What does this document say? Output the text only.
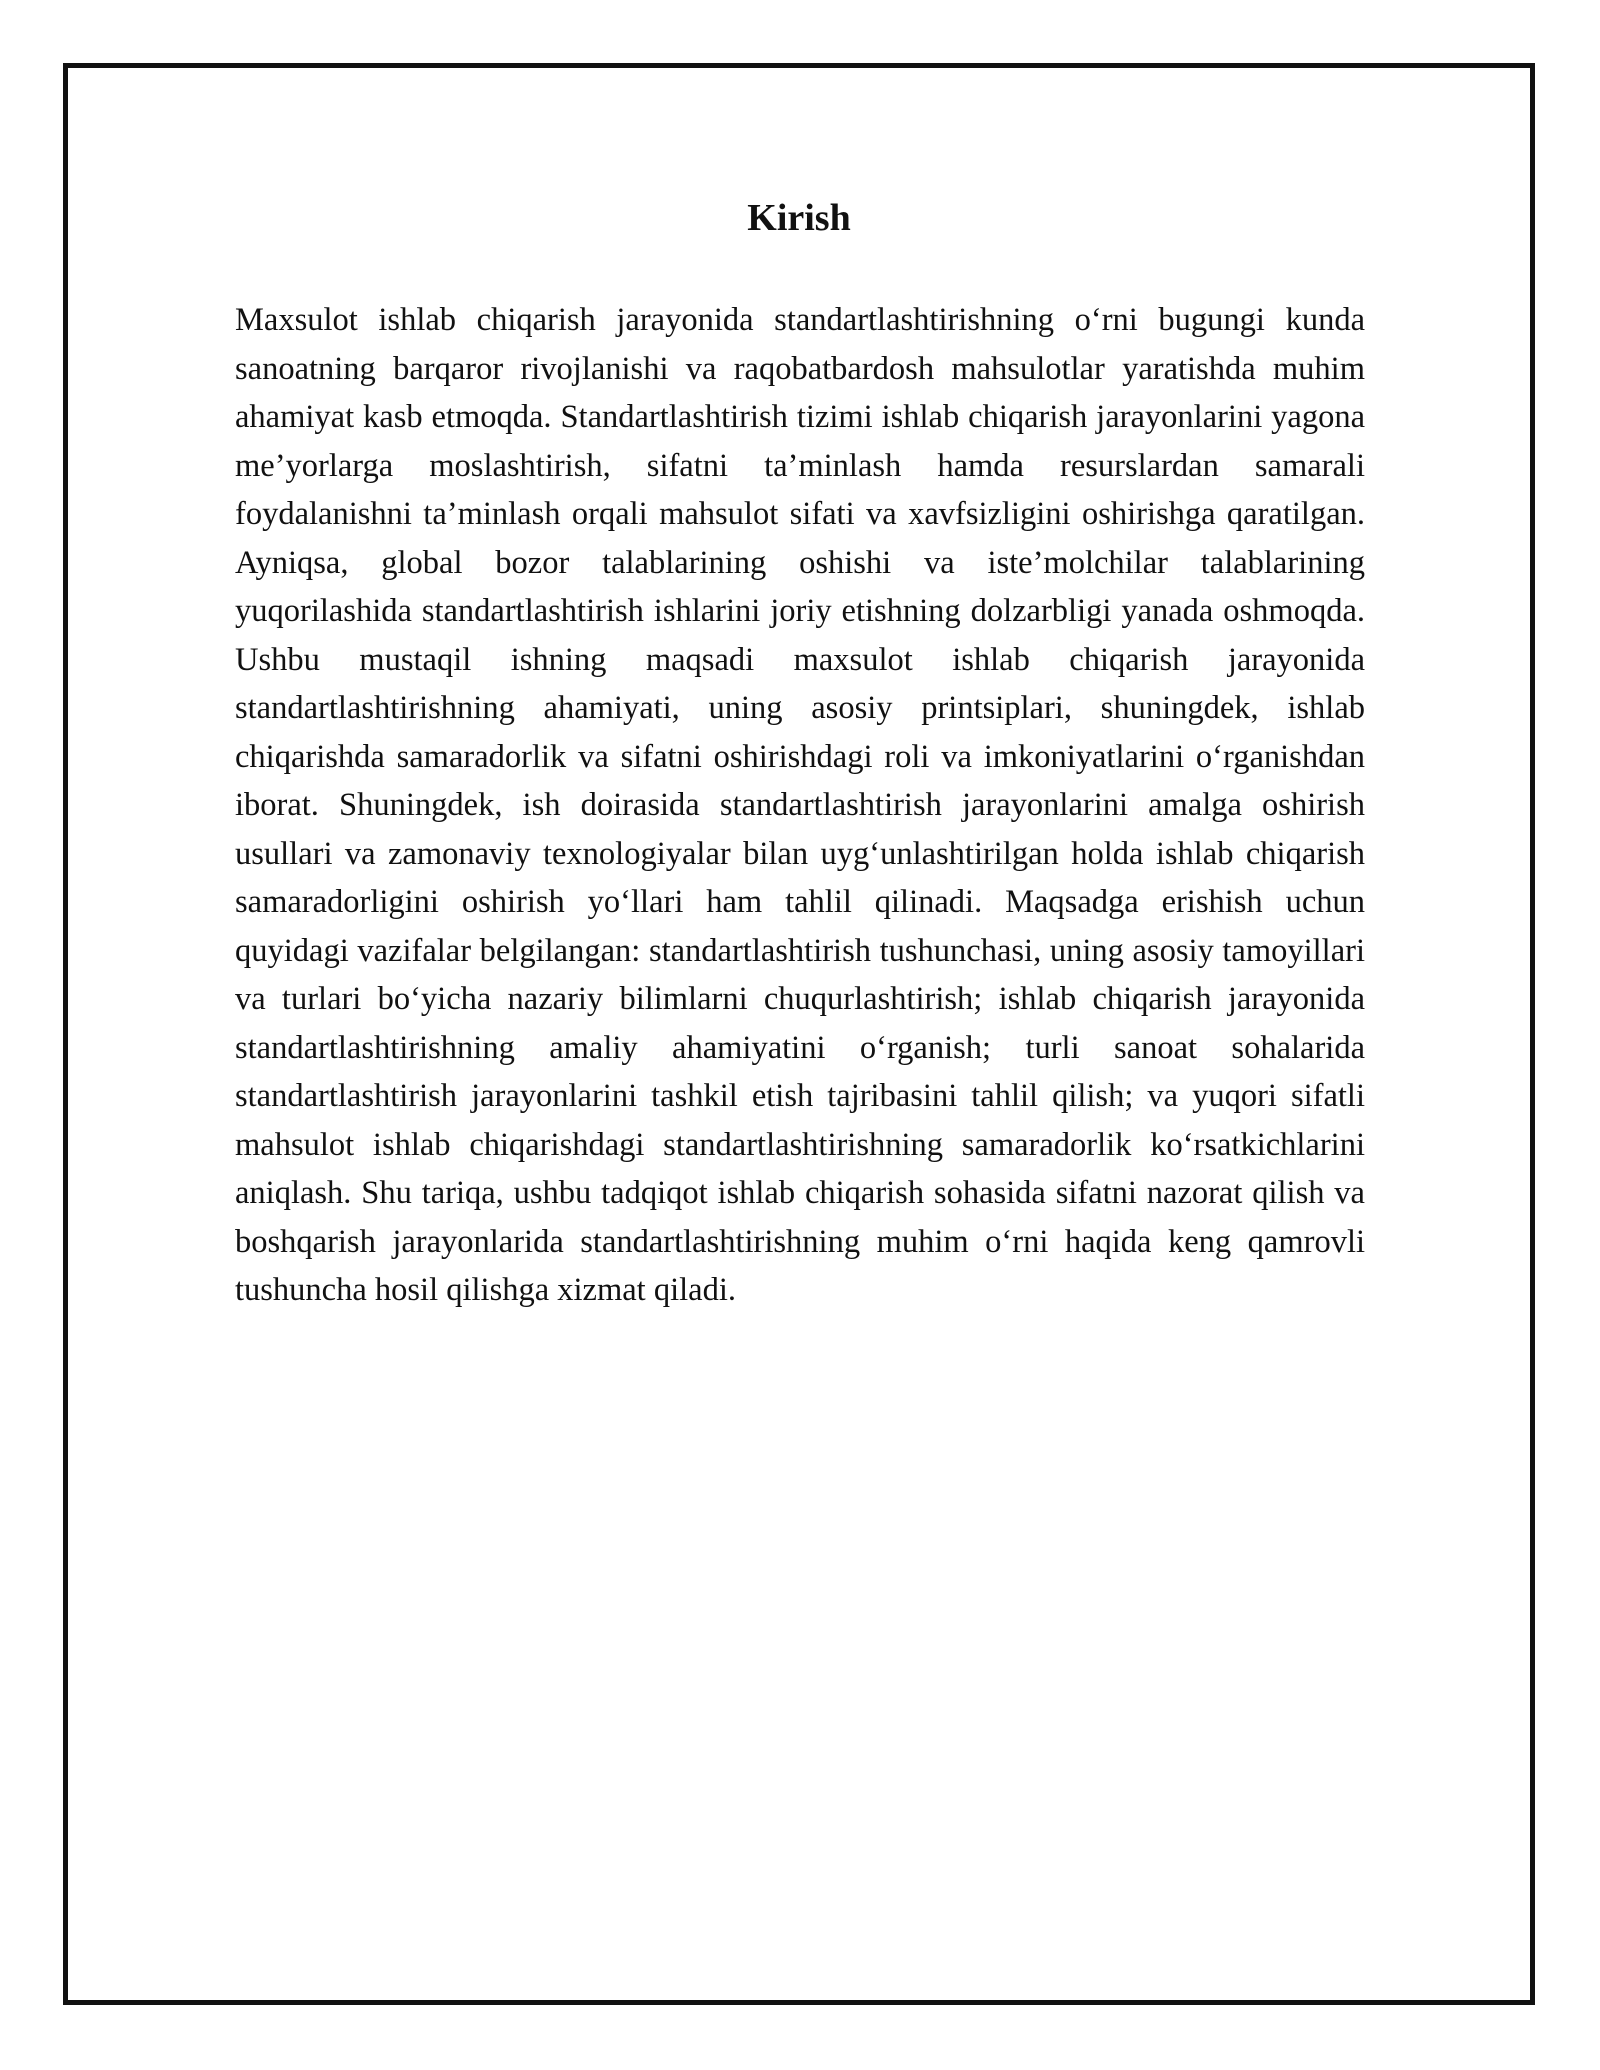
Kirish

Maxsulot ishlab chiqarish jarayonida standartlashtirishning o‘rni bugungi kunda sanoatning barqaror rivojlanishi va raqobatbardosh mahsulotlar yaratishda muhim ahamiyat kasb etmoqda. Standartlashtirish tizimi ishlab chiqarish jarayonlarini yagona me’yorlarga moslashtirish, sifatni ta’minlash hamda resurslardan samarali foydalanishni ta’minlash orqali mahsulot sifati va xavfsizligini oshirishga qaratilgan. Ayniqsa, global bozor talablarining oshishi va iste’molchilar talablarining yuqorilashida standartlashtirish ishlarini joriy etishning dolzarbligi yanada oshmoqda. Ushbu mustaqil ishning maqsadi maxsulot ishlab chiqarish jarayonida standartlashtirishning ahamiyati, uning asosiy printsiplari, shuningdek, ishlab chiqarishda samaradorlik va sifatni oshirishdagi roli va imkoniyatlarini o‘rganishdan iborat. Shuningdek, ish doirasida standartlashtirish jarayonlarini amalga oshirish usullari va zamonaviy texnologiyalar bilan uyg‘unlashtirilgan holda ishlab chiqarish samaradorligini oshirish yo‘llari ham tahlil qilinadi. Maqsadga erishish uchun quyidagi vazifalar belgilangan: standartlashtirish tushunchasi, uning asosiy tamoyillari va turlari bo‘yicha nazariy bilimlarni chuqurlashtirish; ishlab chiqarish jarayonida standartlashtirishning amaliy ahamiyatini o‘rganish; turli sanoat sohalarida standartlashtirish jarayonlarini tashkil etish tajribasini tahlil qilish; va yuqori sifatli mahsulot ishlab chiqarishdagi standartlashtirishning samaradorlik ko‘rsatkichlarini aniqlash. Shu tariqa, ushbu tadqiqot ishlab chiqarish sohasida sifatni nazorat qilish va boshqarish jarayonlarida standartlashtirishning muhim o‘rni haqida keng qamrovli tushuncha hosil qilishga xizmat qiladi.
